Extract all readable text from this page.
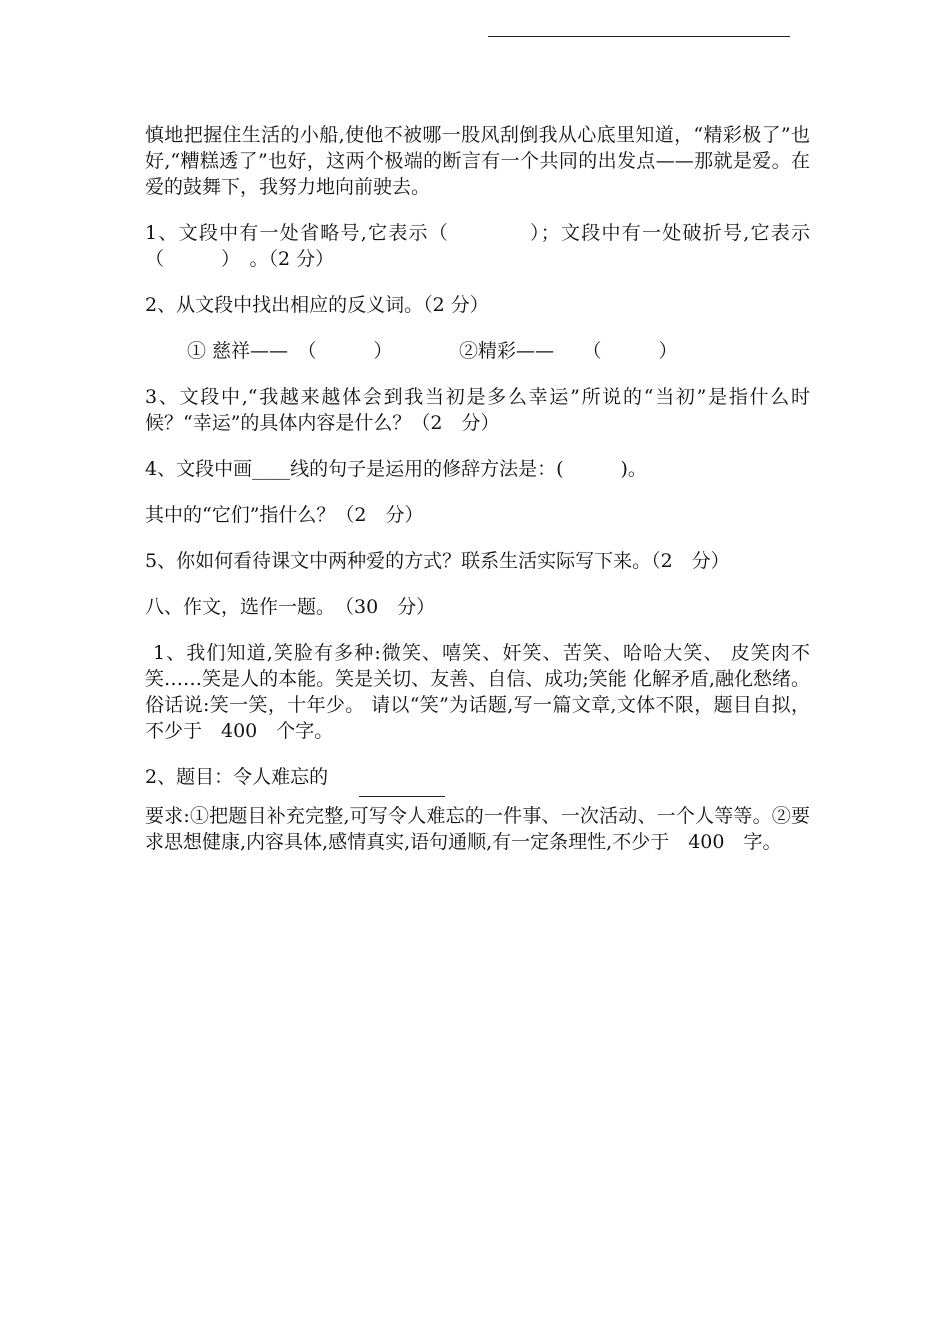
慎地把握住生活的小船,使他不被哪一股风刮倒我从心底里知道，“精彩极了”也好,“糟糕透了”也好，这两个极端的断言有一个共同的出发点——那就是爱。在爱的鼓舞下，我努力地向前驶去。

1、文段中有一处省略号,它表示（　　　　）；文段中有一处破折号,它表示（　　　）　。（2 分）

2、从文段中找出相应的反义词。（2 分）

① 慈祥——　（　　　）　　　　②精彩——　　（　　　）

3、文段中,“我越来越体会到我当初是多么幸运”所说的“当初”是指什么时候？“幸运”的具体内容是什么？（2　分）

4、文段中画____线的句子是运用的修辞方法是：(　　　)。

其中的“它们”指什么？（2　分）

5、你如何看待课文中两种爱的方式？联系生活实际写下来。（2　分）

八、作文，选作一题。　（30　分）

1、我们知道,笑脸有多种:微笑、嘻笑、奸笑、苦笑、哈哈大笑、 皮笑肉不笑……笑是人的本能。笑是关切、友善、自信、成功;笑能 化解矛盾,融化愁绪。俗话说:笑一笑，十年少。 请以“笑”为话题,写一篇文章,文体不限，题目自拟，不少于　400　个字。

2、题目：令人难忘的

要求:①把题目补充完整,可写令人难忘的一件事、一次活动、一个人等等。②要求思想健康,内容具体,感情真实,语句通顺,有一定条理性,不少于　400　字。
